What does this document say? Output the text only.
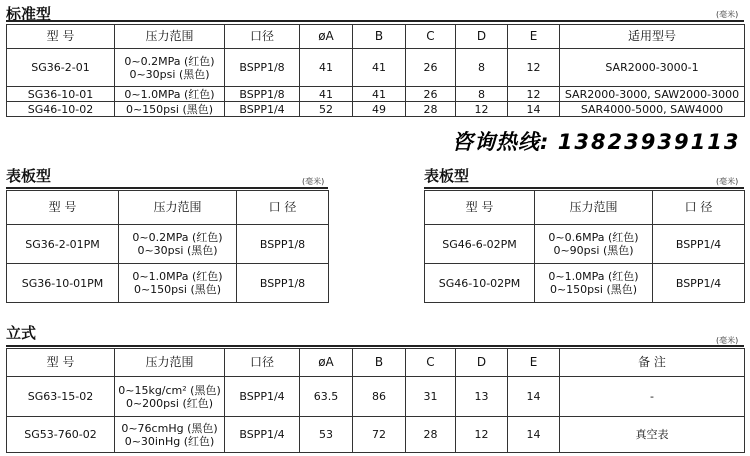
标准型	(毫米)
型 号	压力范围	口径	øA	B	C	D	E	适用型号
SG36-2-01	0~0.2MPa (红色)
0~30psi (黑色)	BSPP1/8	41	41	26	8	12	SAR2000-3000-1
SG36-10-01	0~1.0MPa (红色)	BSPP1/8	41	41	26	8	12	SAR2000-3000, SAW2000-3000
SG46-10-02	0~150psi (黑色)	BSPP1/4	52	49	28	12	14	SAR4000-5000, SAW4000
咨询热线: 13823939113
表板型	(毫米)
型 号	压力范围	口 径
SG36-2-01PM	0~0.2MPa (红色)
0~30psi (黑色)	BSPP1/8
SG36-10-01PM	0~1.0MPa (红色)
0~150psi (黑色)	BSPP1/8
表板型	(毫米)
型 号	压力范围	口 径
SG46-6-02PM	0~0.6MPa (红色)
0~90psi (黑色)	BSPP1/4
SG46-10-02PM	0~1.0MPa (红色)
0~150psi (黑色)	BSPP1/4
立式	(毫米)
型 号	压力范围	口径	øA	B	C	D	E	备 注
SG63-15-02	0~15kg/cm² (黑色)
0~200psi (红色)	BSPP1/4	63.5	86	31	13	14	-
SG53-760-02	0~76cmHg (黑色)
0~30inHg (红色)	BSPP1/4	53	72	28	12	14	真空表
